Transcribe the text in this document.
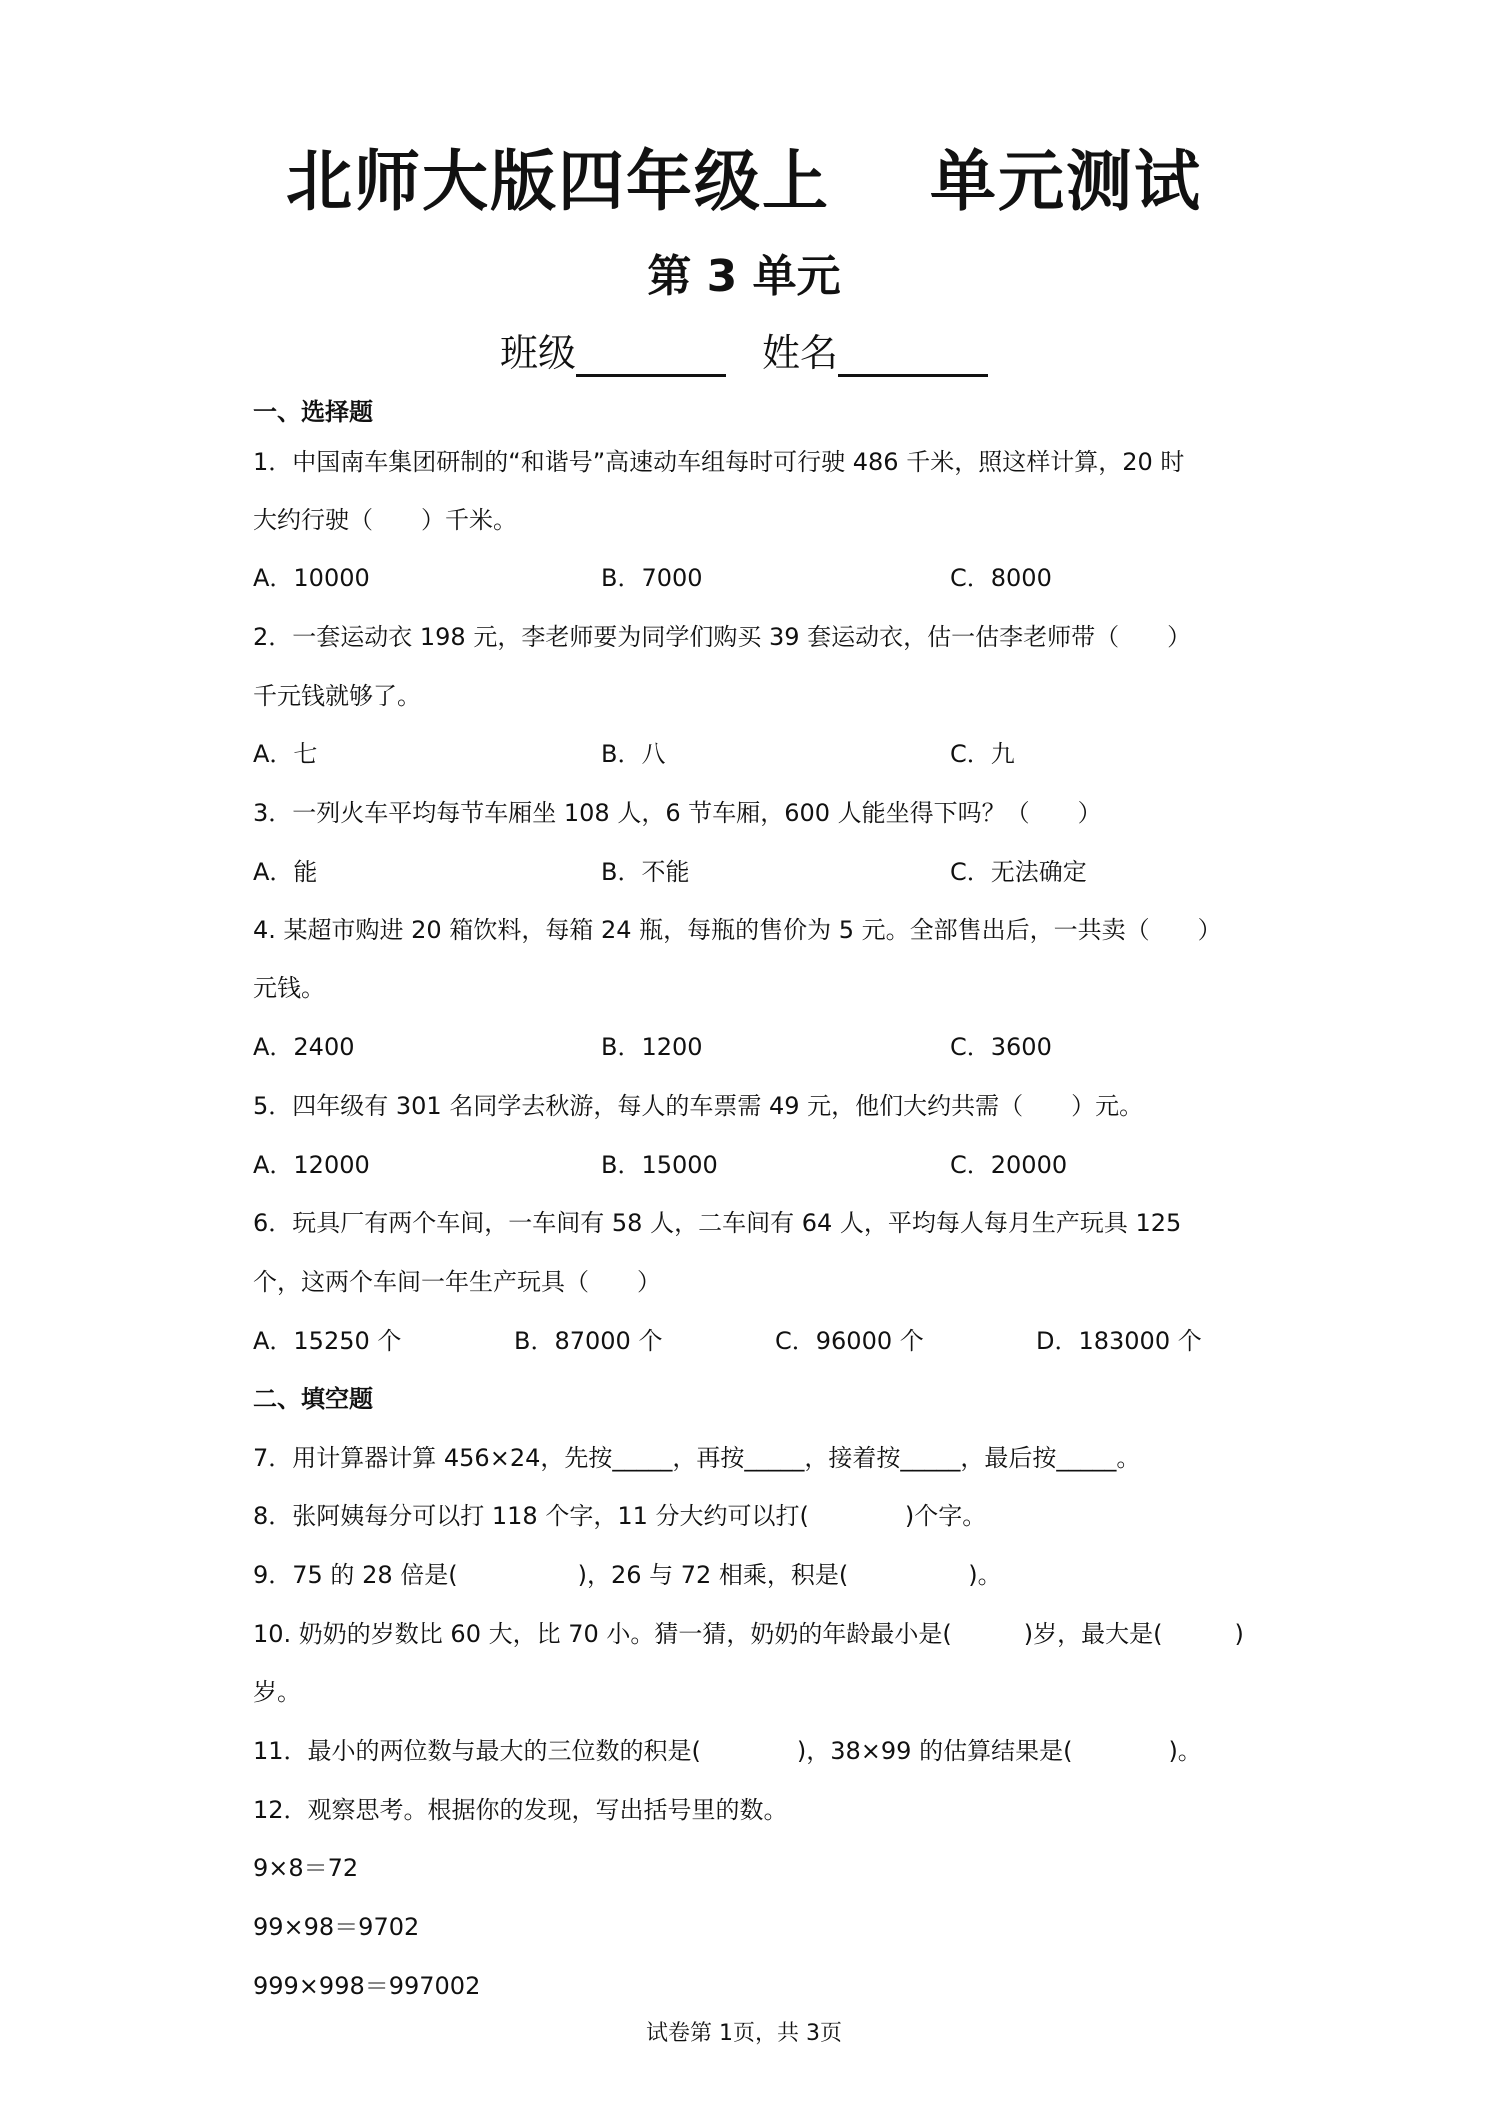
北师大版四年级上 单元测试
第 3 单元
班级	姓名
一、选择题
1．中国南车集团研制的“和谐号”高速动车组每时可行驶 486 千米，照这样计算，20 时
大约行驶（　　）千米。
A．10000	B．7000	C．8000
2．一套运动衣 198 元，李老师要为同学们购买 39 套运动衣，估一估李老师带（　　）
千元钱就够了。
A．七	B．八	C．九
3．一列火车平均每节车厢坐 108 人，6 节车厢，600 人能坐得下吗？（　　）
A．能	B．不能	C．无法确定
4. 某超市购进 20 箱饮料，每箱 24 瓶，每瓶的售价为 5 元。全部售出后，一共卖（　　）
元钱。
A．2400	B．1200	C．3600
5．四年级有 301 名同学去秋游，每人的车票需 49 元，他们大约共需（　　）元。
A．12000	B．15000	C．20000
6．玩具厂有两个车间，一车间有 58 人，二车间有 64 人，平均每人每月生产玩具 125
个，这两个车间一年生产玩具（　　）
A．15250 个	B．87000 个	C．96000 个	D．183000 个
二、填空题
7．用计算器计算 456×24，先按_____，再按_____，接着按_____，最后按_____。
8．张阿姨每分可以打 118 个字，11 分大约可以打(　　　　)个字。
9．75 的 28 倍是(　　　　　)，26 与 72 相乘，积是(　　　　　)。
10. 奶奶的岁数比 60 大，比 70 小。猜一猜，奶奶的年龄最小是(　　　)岁，最大是(　　　)
岁。
11．最小的两位数与最大的三位数的积是(　　　　)，38×99 的估算结果是(　　　　)。
12．观察思考。根据你的发现，写出括号里的数。
9×8＝72
99×98＝9702
999×998＝997002
试卷第 1页，共 3页
